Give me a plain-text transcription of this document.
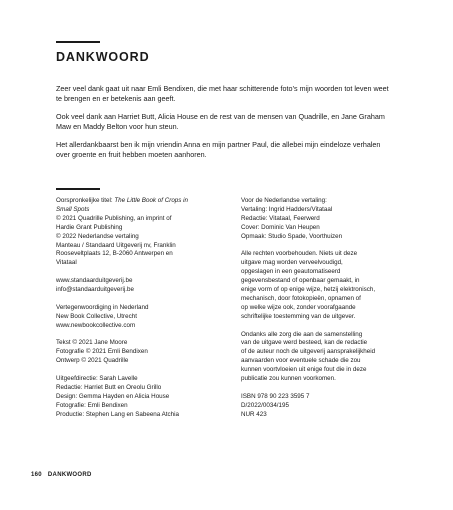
DANKWOORD

Zeer veel dank gaat uit naar Emli Bendixen, die met haar schitterende foto’s mijn woorden tot leven weet te brengen en er betekenis aan geeft.

Ook veel dank aan Harriet Butt, Alicia House en de rest van de mensen van Quadrille, en Jane Graham Maw en Maddy Belton voor hun steun.

Het allerdankbaarst ben ik mijn vriendin Anna en mijn partner Paul, die allebei mijn eindeloze verhalen over groente en fruit hebben moeten aanhoren.

Oorspronkelijke titel: The Little Book of Crops in
Small Spots
© 2021 Quadrille Publishing, an imprint of
Hardie Grant Publishing
© 2022 Nederlandse vertaling
Manteau / Standaard Uitgeverij nv, Franklin
Rooseveltplaats 12, B-2060 Antwerpen en
Vitataal

www.standaarduitgeverij.be
info@standaarduitgeverij.be

Vertegenwoordiging in Nederland
New Book Collective, Utrecht
www.newbookcollective.com

Tekst © 2021 Jane Moore
Fotografie © 2021 Emli Bendixen
Ontwerp © 2021 Quadrille

Uitgeefdirectie: Sarah Lavelle
Redactie: Harriet Butt en Oreolu Grillo
Design: Gemma Hayden en Alicia House
Fotografie: Emli Bendixen
Productie: Stephen Lang en Sabeena Atchia

Voor de Nederlandse vertaling:
Vertaling: Ingrid Hadders/Vitataal
Redactie: Vitataal, Feerwerd
Cover: Dominic Van Heupen
Opmaak: Studio Spade, Voorthuizen

Alle rechten voorbehouden. Niets uit deze
uitgave mag worden verveelvoudigd,
opgeslagen in een geautomatiseerd
gegevensbestand of openbaar gemaakt, in
enige vorm of op enige wijze, hetzij elektronisch,
mechanisch, door fotokopieën, opnamen of
op welke wijze ook, zonder voorafgaande
schriftelijke toestemming van de uitgever.

Ondanks alle zorg die aan de samenstelling
van de uitgave werd besteed, kan de redactie
of de auteur noch de uitgeverij aansprakelijkheid
aanvaarden voor eventuele schade die zou
kunnen voortvloeien uit enige fout die in deze
publicatie zou kunnen voorkomen.

ISBN 978 90 223 3595 7
D/2022/0034/195
NUR 423

160 DANKWOORD
